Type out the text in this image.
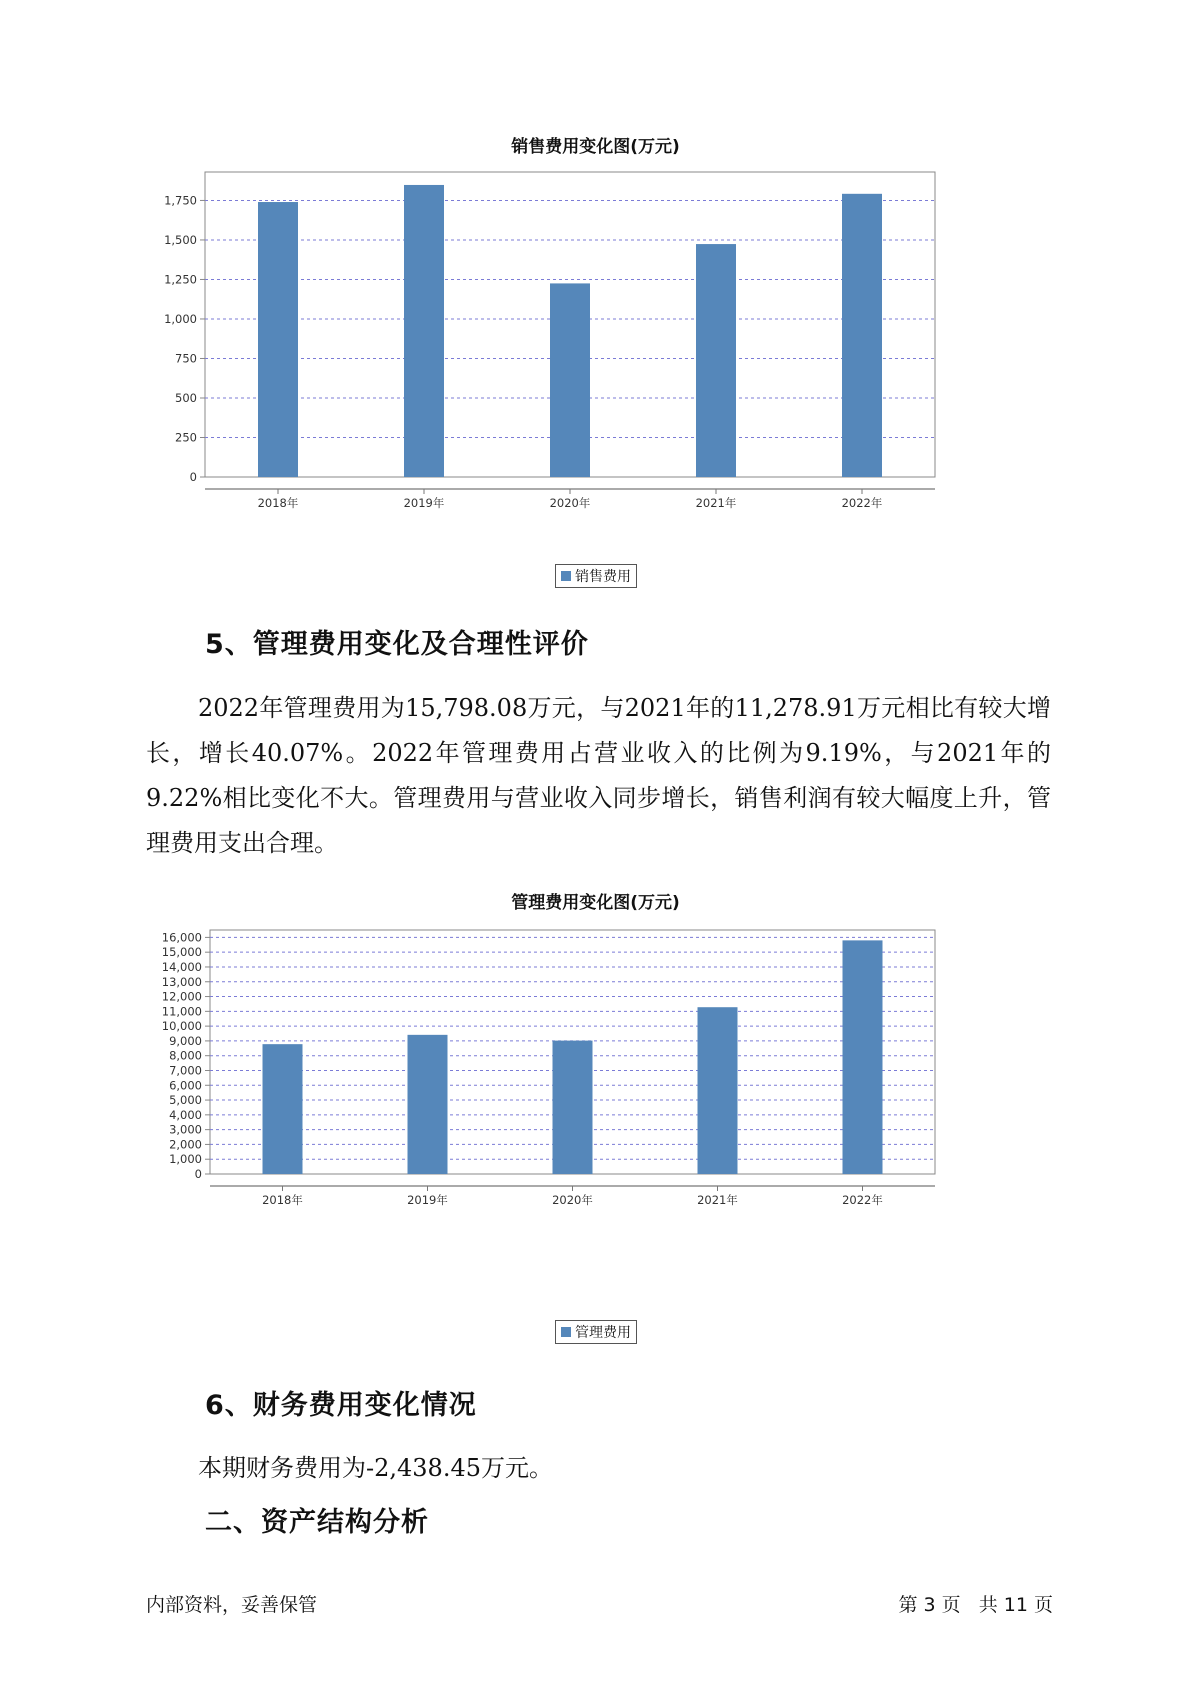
销售费用变化图(万元)
0
250
500
750
1,000
1,250
1,500
1,750
2018年	2019年	2020年	2021年	2022年
销售费用
5、管理费用变化及合理性评价
2022年管理费用为15,798.08万元，与2021年的11,278.91万元相比有较大增长，增长40.07%。2022年管理费用占营业收入的比例为9.19%，与2021年的9.22%相比变化不大。管理费用与营业收入同步增长，销售利润有较大幅度上升，管理费用支出合理。
管理费用变化图(万元)
0
1,000
2,000
3,000
4,000
5,000
6,000
7,000
8,000
9,000
10,000
11,000
12,000
13,000
14,000
15,000
16,000
2018年	2019年	2020年	2021年	2022年
管理费用
6、财务费用变化情况
本期财务费用为-2,438.45万元。
二、资产结构分析
内部资料，妥善保管	第 3 页   共 11 页
